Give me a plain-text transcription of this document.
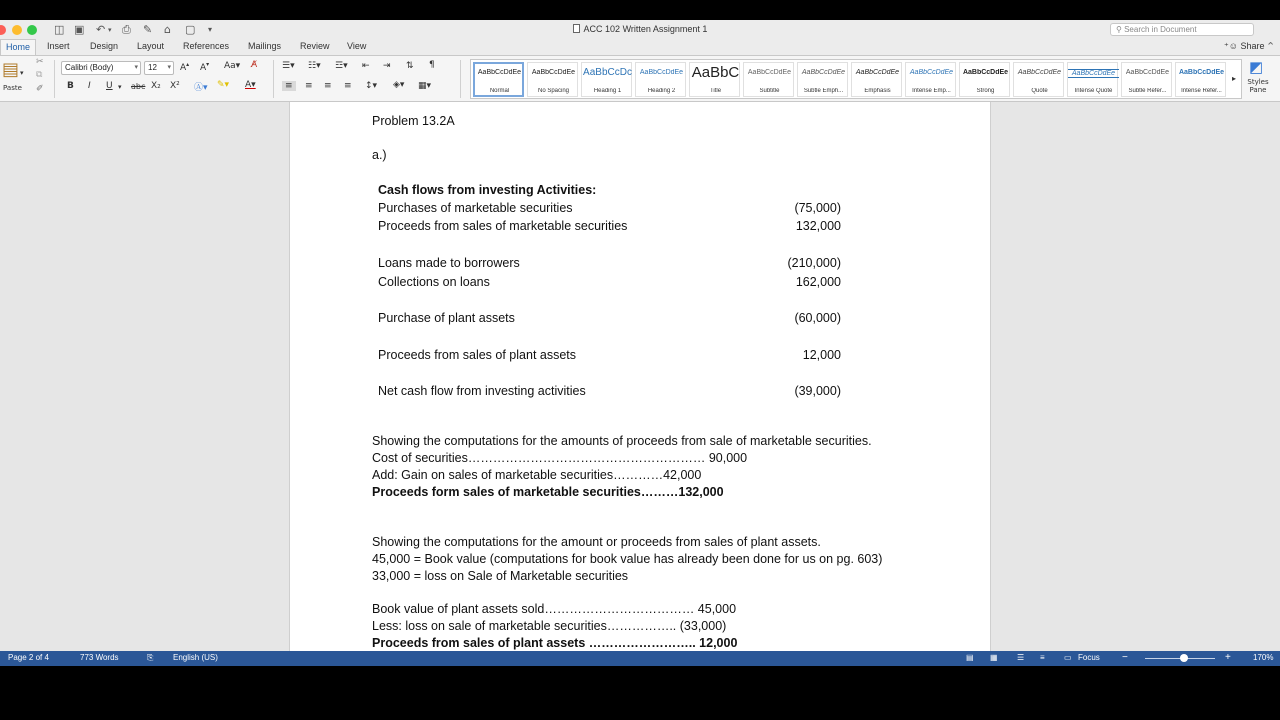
◫ ▣ ↶ ▾ ⎙ ✎ ⌂ ▢ ▾	ACC 102 Written Assignment 1	⚲ Search in Document
Home	Insert Design Layout References Mailings Review View	⁺☺ Share ⌃
▤ ▾
Paste
✂
⧉
✐
Calibri (Body)	▾	12 ▾ A▴ A▾ Aa▾ A̸
B I U ▾ abc X₂ X² Ⓐ▾ ✎▾ A▾
☰▾ ☷▾ ☲▾ ⇤ ⇥ ⇅ ¶
≡	≡ ≡ ≡ ↕▾ ◈▾ ▦▾
AaBbCcDdEe
Normal
AaBbCcDdEe
No Spacing
AaBbCcDc
Heading 1
AaBbCcDdEe
Heading 2
AaBbC
Title
AaBbCcDdEe
Subtitle
AaBbCcDdEe
Subtle Emph...
AaBbCcDdEe
Emphasis
AaBbCcDdEe
Intense Emp...
AaBbCcDdEe
Strong
AaBbCcDdEe
Quote
AaBbCcDdEe
Intense Quote
AaBbCcDdEe
Subtle Refer...
AaBbCcDdEe
Intense Refer...
▸
◩
Styles Pane
Problem 13.2A
a.)
Cash flows from investing Activities:
Purchases of marketable securities	(75,000)
Proceeds from sales of marketable securities	132,000
Loans made to borrowers	(210,000)
Collections on loans	162,000
Purchase of plant assets	(60,000)
Proceeds from sales of plant assets	12,000
Net cash flow from investing activities	(39,000)
Showing the computations for the amounts of proceeds from sale of marketable securities.
Cost of securities………………………………………………… 90,000
Add: Gain on sales of marketable securities…………42,000
Proceeds form sales of marketable securities………132,000
Showing the computations for the amount or proceeds from sales of plant assets.
45,000 = Book value (computations for book value has already been done for us on pg. 603)
33,000 = loss on Sale of Marketable securities
Book value of plant assets sold……………………………… 45,000
Less: loss on sale of marketable securities…………….. (33,000)
Proceeds from sales of plant assets …………………….. 12,000
Page 2 of 4	773 Words	⎘ English (US)	▤ ▦ ☰ ≡ ▭ Focus −	+	170%
